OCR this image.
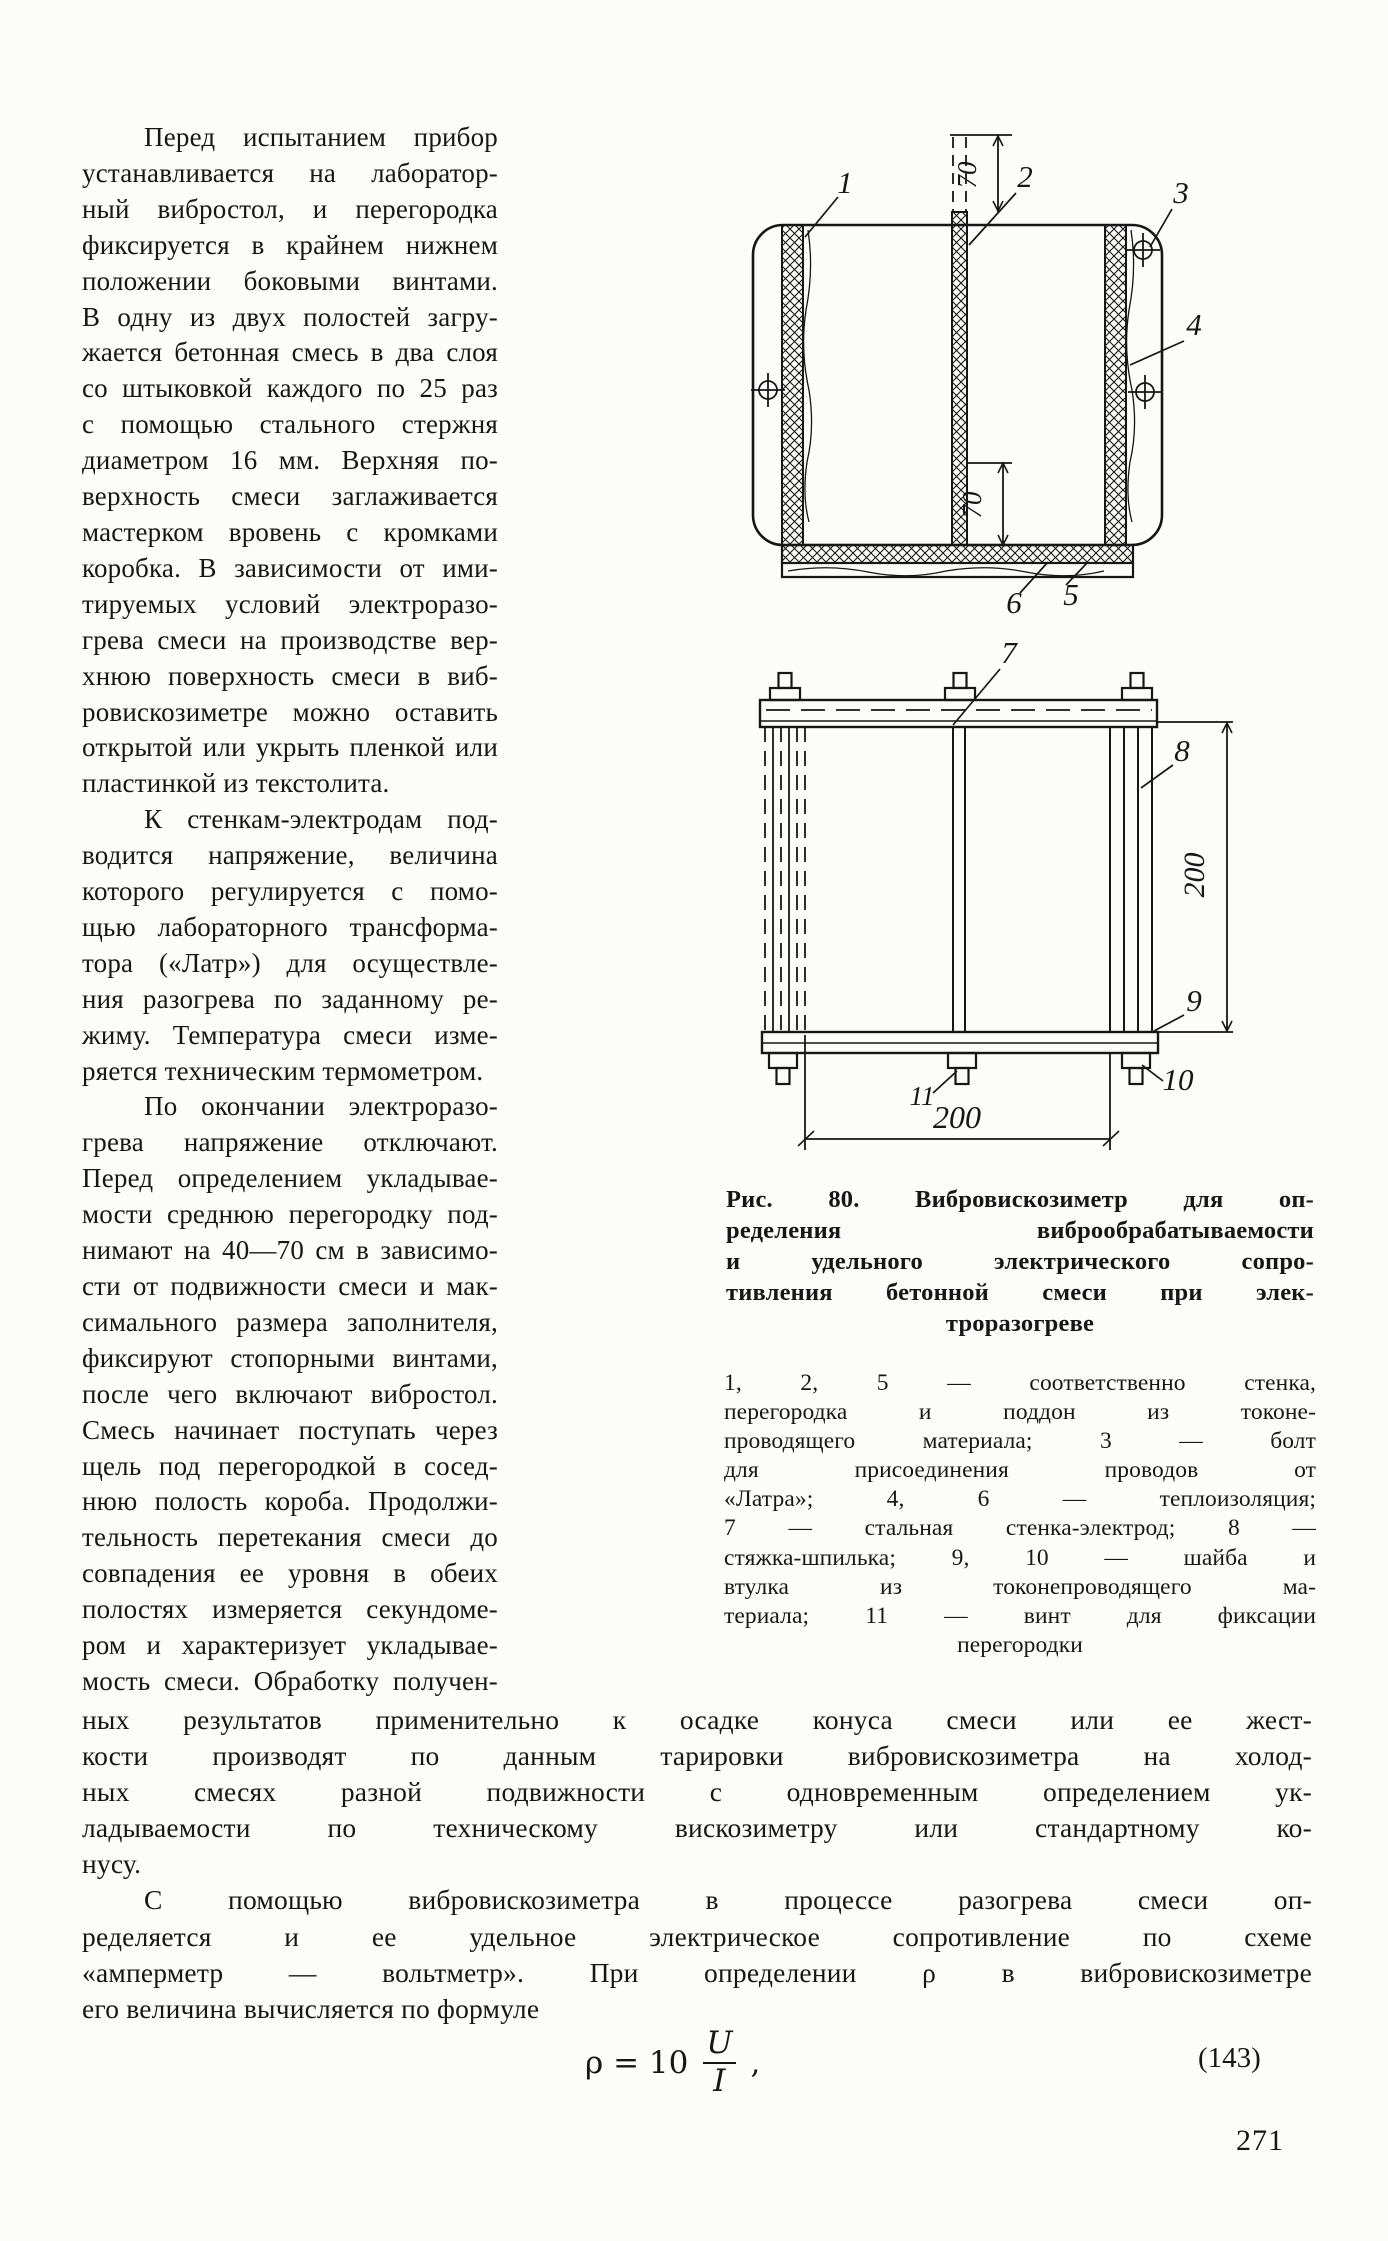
Перед испытанием прибор
устанавливается на лаборатор-
ный вибростол, и перегородка
фиксируется в крайнем нижнем
положении боковыми винтами.
В одну из двух полостей загру-
жается бетонная смесь в два слоя
со штыковкой каждого по 25 раз
с помощью стального стержня
диаметром 16 мм. Верхняя по-
верхность смеси заглаживается
мастерком вровень с кромками
коробка. В зависимости от ими-
тируемых условий электроразо-
грева смеси на производстве вер-
хнюю поверхность смеси в виб-
ровискозиметре можно оставить
открытой или укрыть пленкой или
пластинкой из текстолита.
К стенкам-электродам под-
водится напряжение, величина
которого регулируется с помо-
щью лабораторного трансформа-
тора («Латр») для осуществле-
ния разогрева по заданному ре-
жиму. Температура смеси изме-
ряется техническим термометром.
По окончании электроразо-
грева напряжение отключают.
Перед определением укладывае-
мости среднюю перегородку под-
нимают на 40—70 см в зависимо-
сти от подвижности смеси и мак-
симального размера заполнителя,
фиксируют стопорными винтами,
после чего включают вибростол.
Смесь начинает поступать через
щель под перегородкой в сосед-
нюю полость короба. Продолжи-
тельность перетекания смеси до
совпадения ее уровня в обеих
полостях измеряется секундоме-
ром и характеризует укладывае-
мость смеси. Обработку получен-
1	2	3
4
5
6
70
70
7
8
9
10
11
200
200
Рис. 80. Вибровискозиметр для оп-
ределения виброобрабатываемости
и удельного электрического сопро-
тивления бетонной смеси при элек-
троразогреве
1, 2, 5 — соответственно стенка,
перегородка и поддон из токоне-
проводящего материала; 3 — болт
для присоединения проводов от
«Латра»; 4, 6 — теплоизоляция;
7 — стальная стенка-электрод; 8 —
стяжка-шпилька; 9, 10 — шайба и
втулка из токонепроводящего ма-
териала; 11 — винт для фиксации
перегородки
ных результатов применительно к осадке конуса смеси или ее жест-
кости производят по данным тарировки вибровискозиметра на холод-
ных смесях разной подвижности с одновременным определением ук-
ладываемости по техническому вискозиметру или стандартному ко-
нусу.
С помощью вибровискозиметра в процессе разогрева смеси оп-
ределяется и ее удельное электрическое сопротивление по схеме
«амперметр — вольтметр». При определении ρ в вибровискозиметре
его величина вычисляется по формуле
$\rho = 10 \frac{U}{I}$ ,	(143)
271
